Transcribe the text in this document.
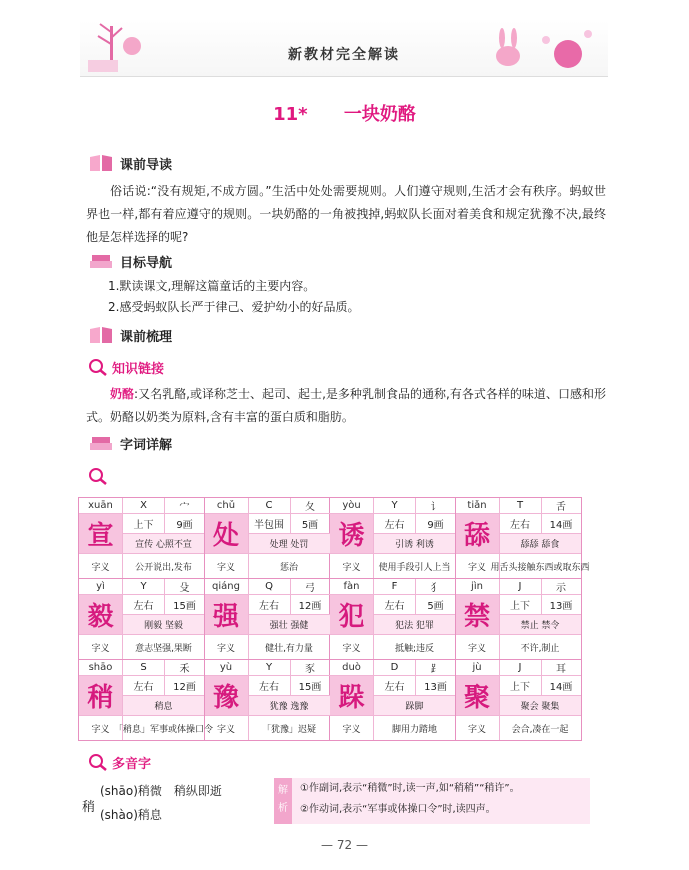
新教材完全解读
11* 一块奶酪
课前导读
俗话说:“没有规矩,不成方圆。”生活中处处需要规则。人们遵守规则,生活才会有秩序。蚂蚁世界也一样,都有着应遵守的规则。一块奶酪的一角被拽掉,蚂蚁队长面对着美食和规定犹豫不决,最终他是怎样选择的呢?
目标导航
1.默读课文,理解这篇童话的主要内容。
2.感受蚂蚁队长严于律己、爱护幼小的好品质。
课前梳理
知识链接
奶酪:又名乳酪,或译称芝士、起司、起士,是多种乳制食品的通称,有各式各样的味道、口感和形式。奶酪以奶类为原料,含有丰富的蛋白质和脂肪。
字词详解
xuān	X	宀
宣	上下	9画
宣传 心照不宣
字义	公开说出,发布
chǔ	C	夂
处	半包围	5画
处理 处罚
字义	惩治
yòu	Y	讠
诱	左右	9画
引诱 利诱
字义	使用手段引人上当
tiǎn	T	舌
舔	左右	14画
舔舔 舔食
字义 用舌头接触东西或取东西
yì	Y	殳
毅	左右	15画
刚毅 坚毅
字义	意志坚强,果断
qiáng	Q	弓
强	左右	12画
强壮 强健
字义	健壮,有力量
fàn	F	犭
犯	左右	5画
犯法 犯罪
字义	抵触;违反
jìn	J	示
禁	上下	13画
禁止 禁令
字义	不许,制止
shāo	S	禾
稍	左右	12画
稍息
字义 「稍息」军事或体操口令
yù	Y	豕
豫	左右	15画
犹豫 逸豫
字义	「犹豫」迟疑
duò	D	⻊
跺	左右	13画
跺脚
字义	脚用力踏地
jù	J	耳
聚	上下	14画
聚会 聚集
字义	会合,凑在一起
多音字
稍
(shāo)稍微　稍纵即逝
(shào)稍息
解析
①作副词,表示“稍微”时,读一声,如“稍稍”“稍许”。
②作动词,表示“军事或体操口令”时,读四声。
— 72 —
